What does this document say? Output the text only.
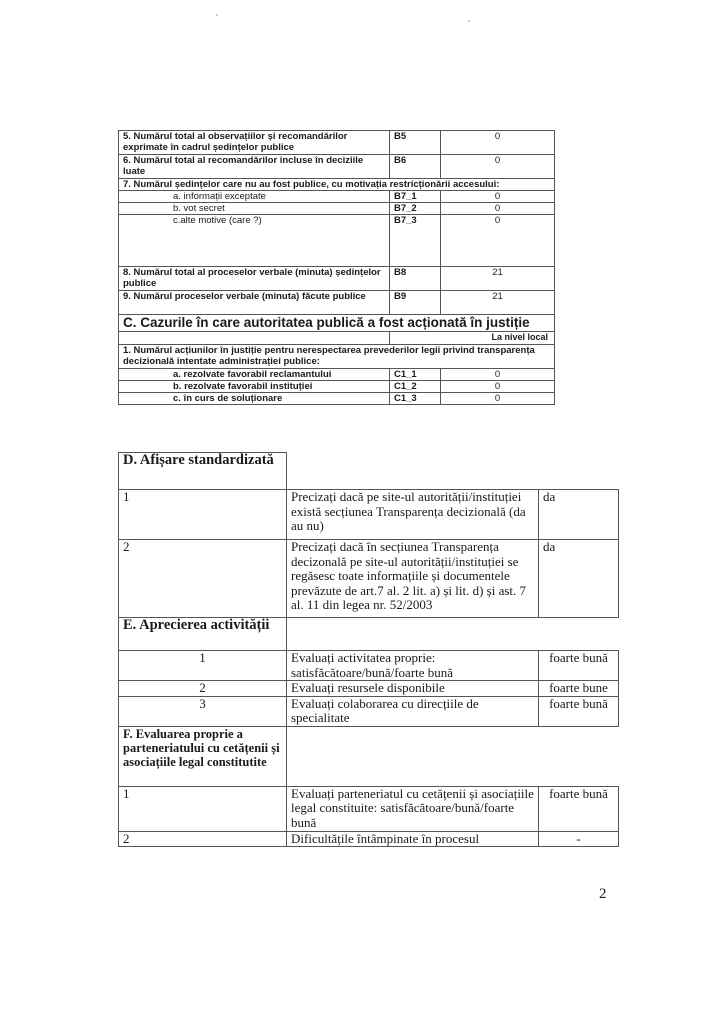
5. Numărul total al observațiilor și recomandărilor exprimate în cadrul ședințelor publice	B5	0
6. Numărul total al recomandărilor incluse în deciziile luate	B6	0
7. Numărul ședințelor care nu au fost publice, cu motivația restricționării accesului:		
a. informații exceptate	B7_1	0
b. vot secret	B7_2	0
c.alte motive (care ?)	B7_3	0
8. Numărul total al proceselor verbale (minuta) ședințelor publice	B8	21
9. Numărul proceselor verbale (minuta) făcute publice	B9	21
C. Cazurile în care autoritatea publică a fost acționată în justiție		
	La nivel local	
1. Numărul acțiunilor în justiție pentru nerespectarea prevederilor legii privind transparența decizională intentate administrației publice:		
a. rezolvate favorabil reclamantului	C1_1	0
b. rezolvate favorabil instituției	C1_2	0
c. în curs de soluționare	C1_3	0
D. Afișare standardizată		
1	Precizați dacă pe site-ul autorității/instituției există secțiunea Transparența decizională (da au nu)	da
2	Precizați dacă în secțiunea Transparența decizonală pe site-ul autorității/instituției se regăsesc toate informațiile și documentele prevăzute de art.7 al. 2 lit. a) și lit. d) și ast. 7 al. 11 din legea nr. 52/2003	da
E. Aprecierea activității		
1	Evaluați activitatea proprie: satisfăcătoare/bună/foarte bună	foarte bună
2	Evaluați resursele disponibile	foarte bune
3	Evaluați colaborarea cu direcțiile de specialitate	foarte bună
F. Evaluarea proprie a parteneriatului cu cetățenii și asociațiile legal constitutite		
1	Evaluați parteneriatul cu cetățenii și asociațiile legal constituite: satisfăcătoare/bună/foarte bună	foarte bună
2	Dificultățile întâmpinate în procesul	-
2
